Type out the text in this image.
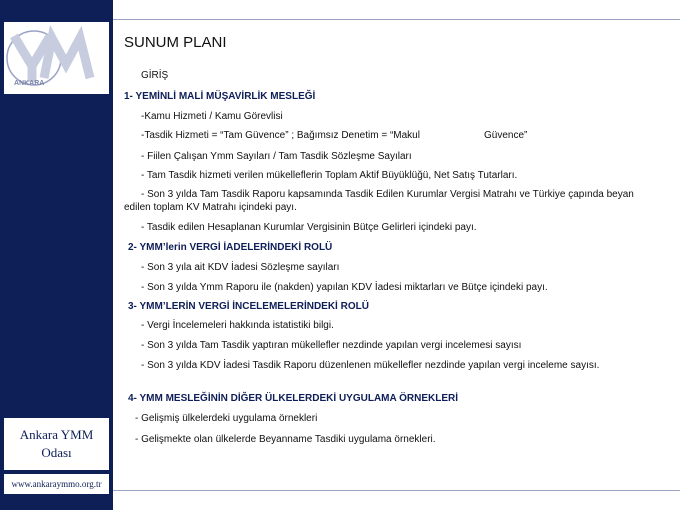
ANKARA
Ankara YMM
Odası
www.ankaraymmo.org.tr
SUNUM PLANI
GİRİŞ
1- YEMİNLİ MALİ MÜŞAVİRLİK MESLEĞİ
-Kamu Hizmeti / Kamu Görevlisi
-Tasdik Hizmeti = “Tam Güvence” ; Bağımsız Denetim = “Makul	Güvence”
- Fiilen Çalışan Ymm Sayıları / Tam Tasdik Sözleşme Sayıları
- Tam Tasdik hizmeti verilen mükelleflerin Toplam Aktif Büyüklüğü, Net Satış Tutarları.
- Son 3 yılda Tam Tasdik Raporu kapsamında Tasdik Edilen Kurumlar Vergisi Matrahı ve Türkiye çapında beyan edilen toplam KV Matrahı içindeki payı.
- Tasdik edilen Hesaplanan Kurumlar Vergisinin Bütçe Gelirleri içindeki payı.
2- YMM’lerin VERGİ İADELERİNDEKİ ROLÜ
- Son 3 yıla ait KDV İadesi Sözleşme sayıları
- Son 3 yılda Ymm Raporu ile (nakden) yapılan KDV İadesi miktarları ve Bütçe içindeki payı.
3- YMM’LERİN VERGİ İNCELEMELERİNDEKİ ROLÜ
- Vergi İncelemeleri hakkında istatistiki bilgi.
- Son 3 yılda Tam Tasdik yaptıran mükellefler nezdinde yapılan vergi incelemesi sayısı
- Son 3 yılda KDV İadesi Tasdik Raporu düzenlenen mükellefler nezdinde yapılan vergi inceleme sayısı.
4- YMM MESLEĞİNİN DİĞER ÜLKELERDEKİ UYGULAMA ÖRNEKLERİ
- Gelişmiş ülkelerdeki uygulama örnekleri
- Gelişmekte olan ülkelerde Beyanname Tasdiki uygulama örnekleri.
